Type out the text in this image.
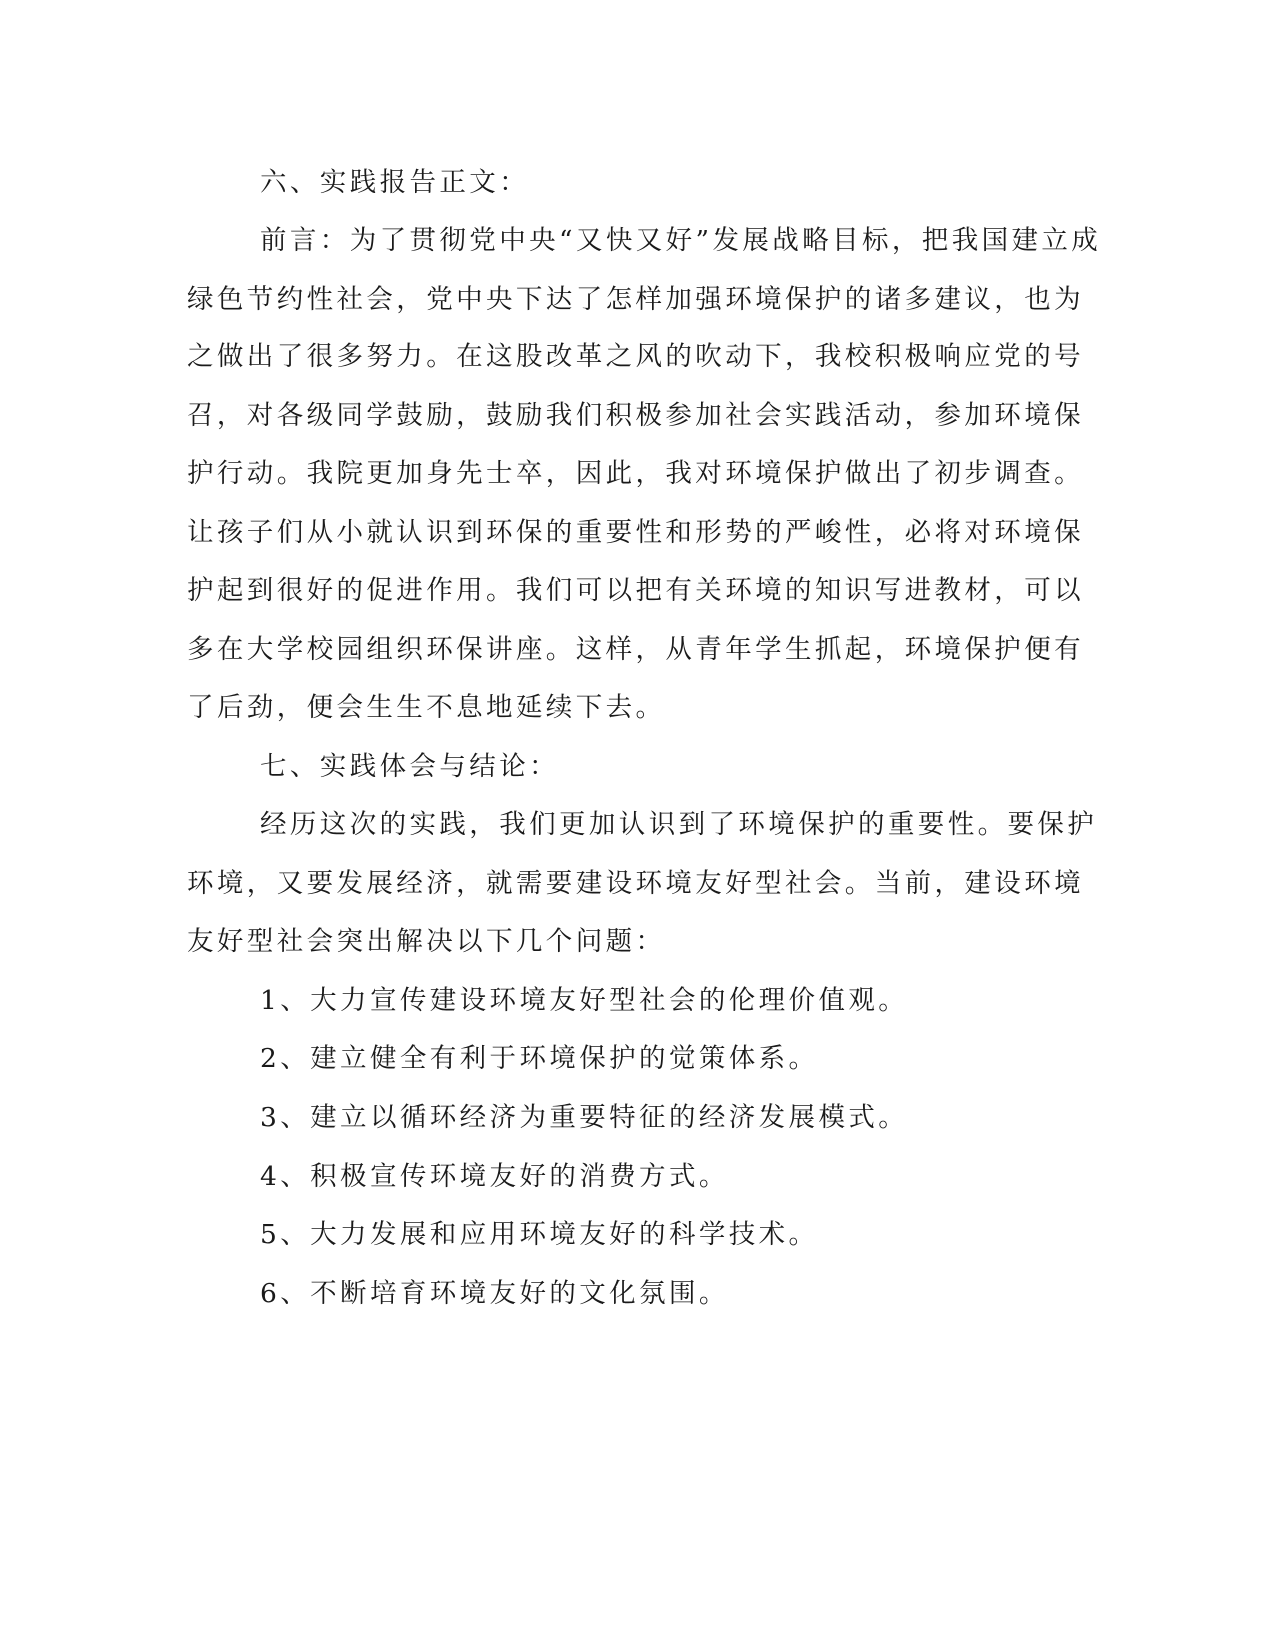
六、实践报告正文：
前言：为了贯彻党中央“又快又好”发展战略目标，把我国建立成
绿色节约性社会，党中央下达了怎样加强环境保护的诸多建议，也为
之做出了很多努力。在这股改革之风的吹动下，我校积极响应党的号
召，对各级同学鼓励，鼓励我们积极参加社会实践活动，参加环境保
护行动。我院更加身先士卒，因此，我对环境保护做出了初步调查。
让孩子们从小就认识到环保的重要性和形势的严峻性，必将对环境保
护起到很好的促进作用。我们可以把有关环境的知识写进教材，可以
多在大学校园组织环保讲座。这样，从青年学生抓起，环境保护便有
了后劲，便会生生不息地延续下去。
七、实践体会与结论：
经历这次的实践，我们更加认识到了环境保护的重要性。要保护
环境，又要发展经济，就需要建设环境友好型社会。当前，建设环境
友好型社会突出解决以下几个问题：
1、大力宣传建设环境友好型社会的伦理价值观。
2、建立健全有利于环境保护的觉策体系。
3、建立以循环经济为重要特征的经济发展模式。
4、积极宣传环境友好的消费方式。
5、大力发展和应用环境友好的科学技术。
6、不断培育环境友好的文化氛围。
